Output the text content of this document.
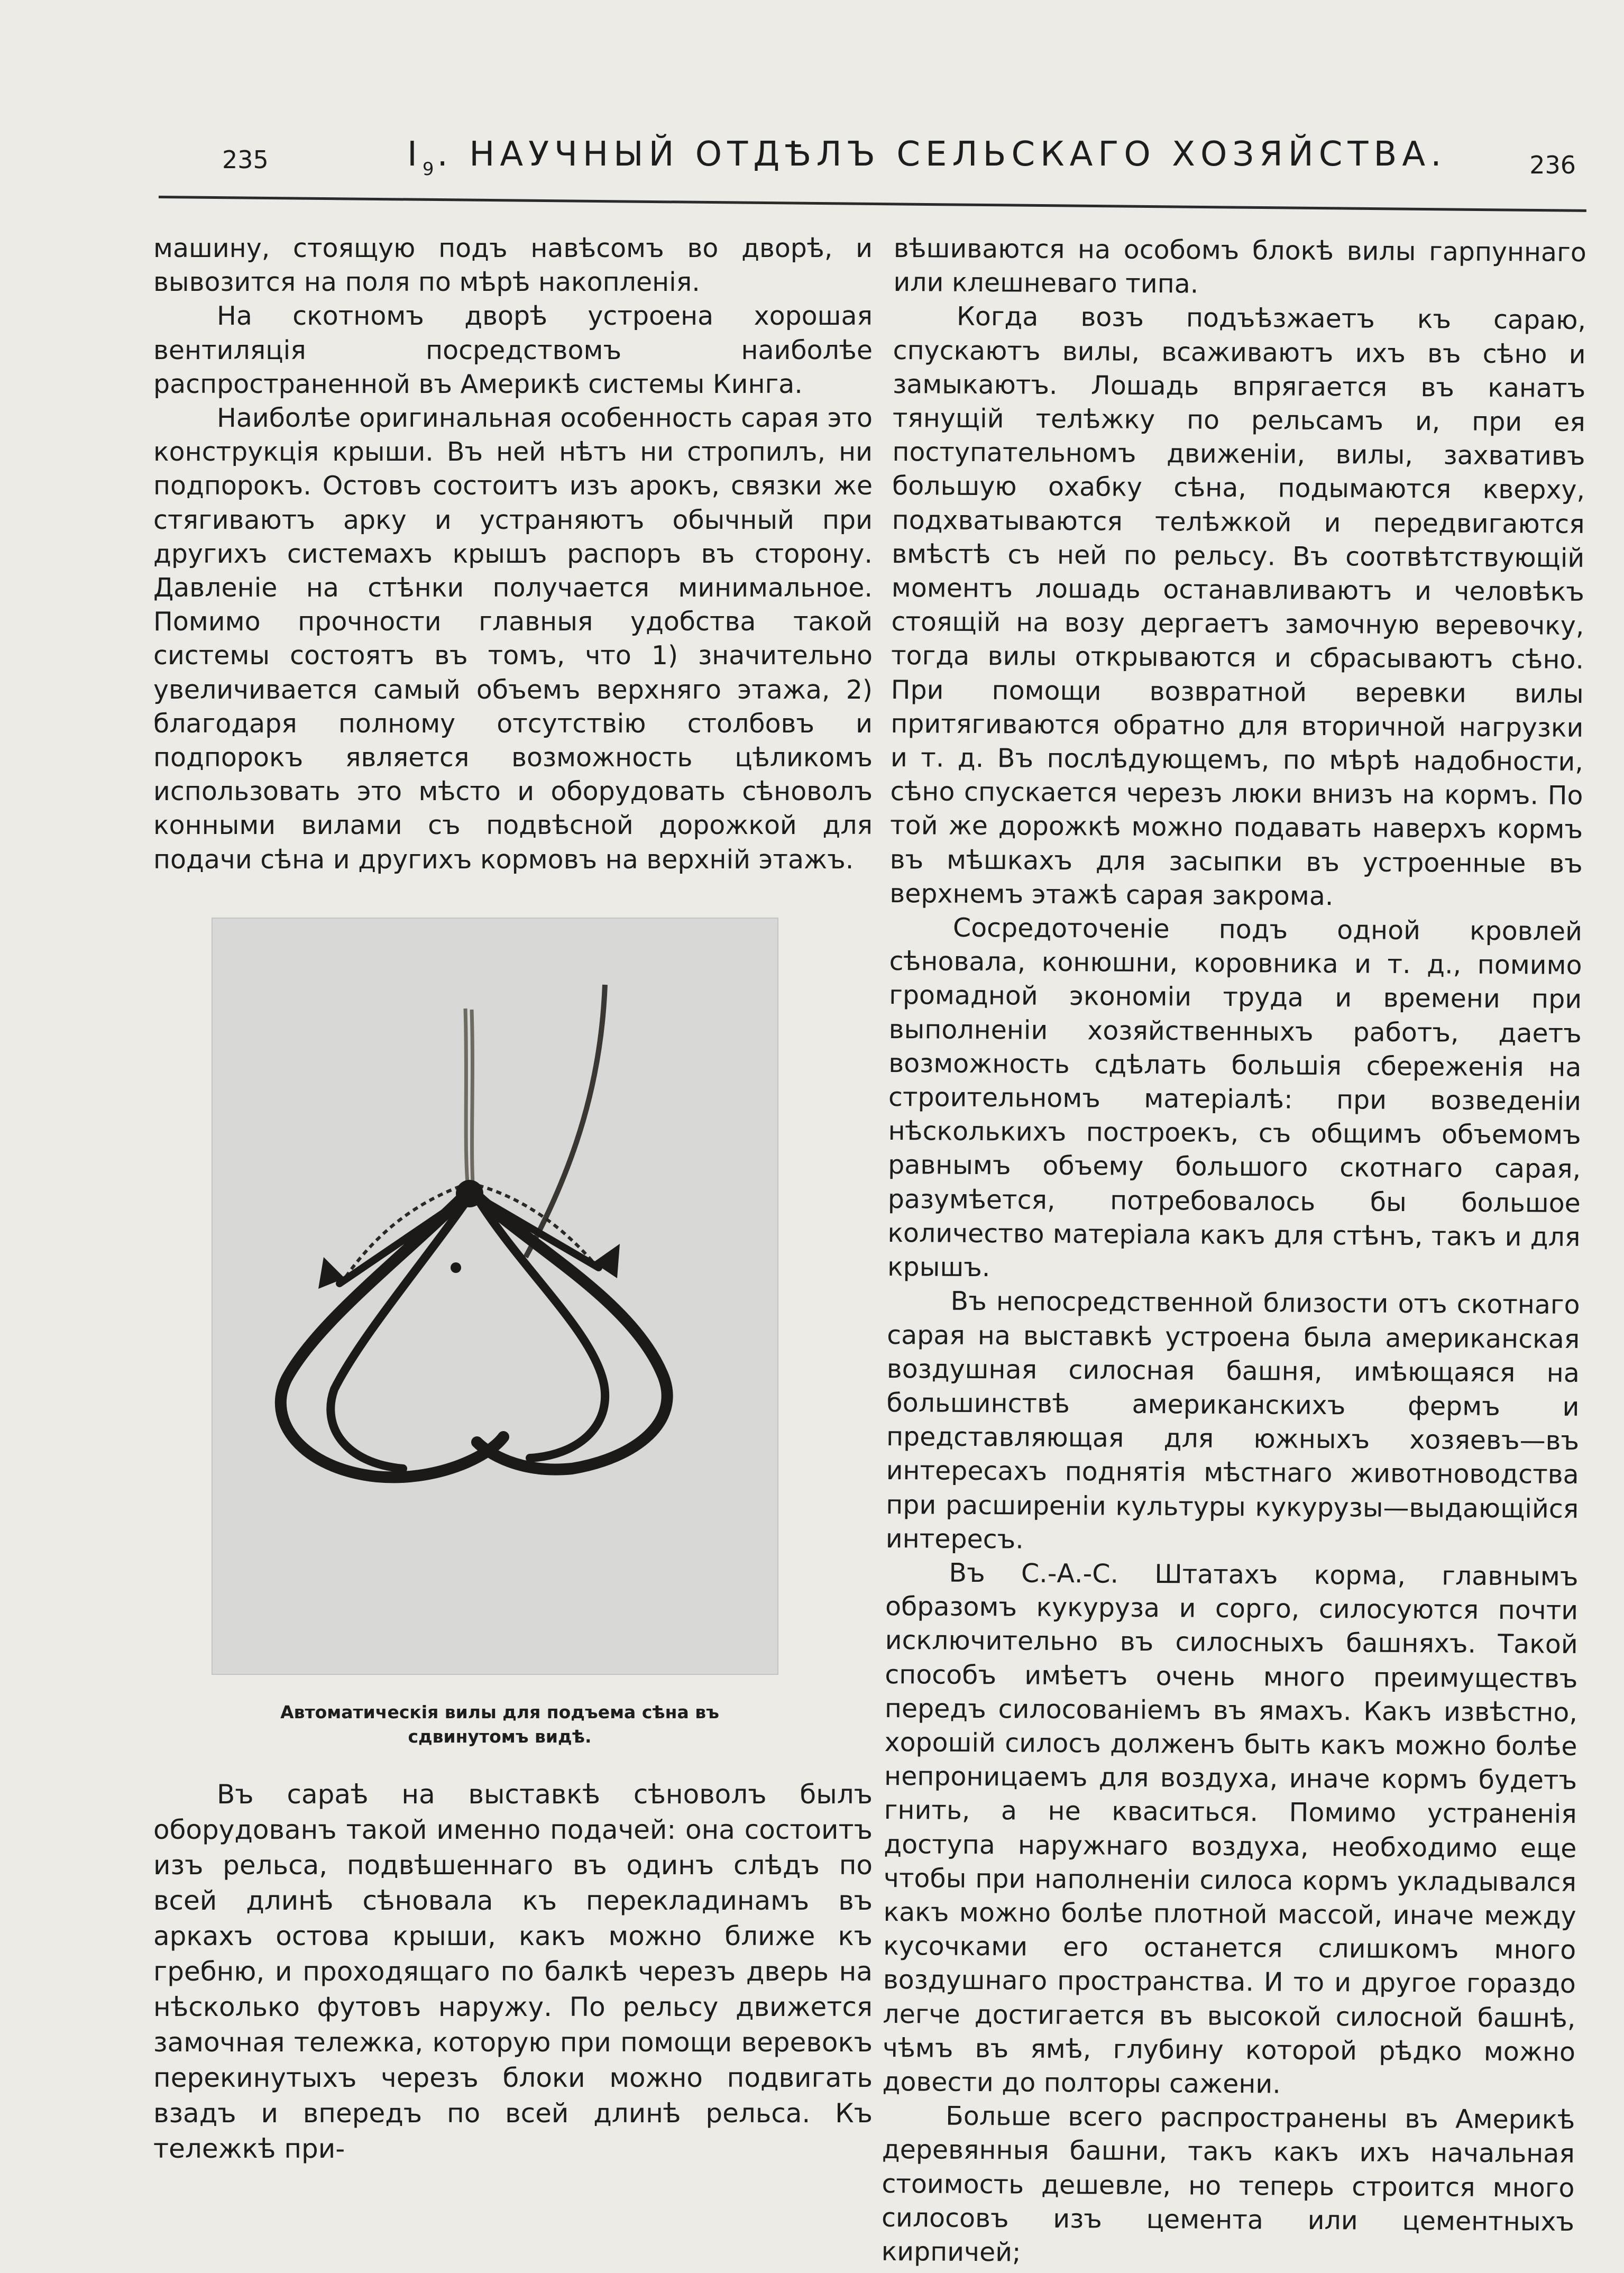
235	$I_9$. НАУЧНЫЙ ОТДѢЛЪ СЕЛЬСКАГО ХОЗЯЙСТВА.	236

машину, стоящую подъ навѣсомъ во дворѣ, и вывозится на поля по мѣрѣ накопленія.

На скотномъ дворѣ устроена хорошая вентиляція посредствомъ наиболѣе распространенной въ Америкѣ системы Кинга.

Наиболѣе оригинальная особенность сарая это конструкція крыши. Въ ней нѣтъ ни стропилъ, ни подпорокъ. Остовъ состоитъ изъ арокъ, связки же стягиваютъ арку и устраняютъ обычный при другихъ системахъ крышъ распоръ въ сторону. Давленіе на стѣнки получается минимальное. Помимо прочности главныя удобства такой системы состоятъ въ томъ, что 1) значительно увеличивается самый объемъ верхняго этажа, 2) благодаря полному отсутствію столбовъ и подпорокъ является возможность цѣликомъ использовать это мѣсто и оборудовать сѣноволъ конными вилами съ подвѣсной дорожкой для подачи сѣна и другихъ кормовъ на верхній этажъ.

Автоматическія вилы для подъема сѣна въ
сдвинутомъ видѣ.

Въ сараѣ на выставкѣ сѣноволъ былъ оборудованъ такой именно подачей: она состоитъ изъ рельса, подвѣшеннаго въ одинъ слѣдъ по всей длинѣ сѣновала къ перекладинамъ въ аркахъ остова крыши, какъ можно ближе къ гребню, и проходящаго по балкѣ черезъ дверь на нѣсколько футовъ наружу. По рельсу движется замочная тележка, которую при помощи веревокъ перекинутыхъ черезъ блоки можно подвигать взадъ и впередъ по всей длинѣ рельса. Къ тележкѣ при-

вѣшиваются на особомъ блокѣ вилы гарпуннаго или клешневаго типа.

Когда возъ подъѣзжаетъ къ сараю, спускаютъ вилы, всаживаютъ ихъ въ сѣно и замыкаютъ. Лошадь впрягается въ канатъ тянущій телѣжку по рельсамъ и, при ея поступательномъ движеніи, вилы, захвативъ большую охабку сѣна, подымаются кверху, подхватываются телѣжкой и передвигаются вмѣстѣ съ ней по рельсу. Въ соотвѣтствующій моментъ лошадь останавливаютъ и человѣкъ стоящій на возу дергаетъ замочную веревочку, тогда вилы открываются и сбрасываютъ сѣно. При помощи возвратной веревки вилы притягиваются обратно для вторичной нагрузки и т. д. Въ послѣдующемъ, по мѣрѣ надобности, сѣно спускается черезъ люки внизъ на кормъ. По той же дорожкѣ можно подавать наверхъ кормъ въ мѣшкахъ для засыпки въ устроенные въ верхнемъ этажѣ сарая закрома.

Сосредоточеніе подъ одной кровлей сѣновала, конюшни, коровника и т. д., помимо громадной экономіи труда и времени при выполненіи хозяйственныхъ работъ, даетъ возможность сдѣлать большія сбереженія на строительномъ матеріалѣ: при возведеніи нѣсколькихъ построекъ, съ общимъ объемомъ равнымъ объему большого скотнаго сарая, разумѣется, потребовалось бы большое количество матеріала какъ для стѣнъ, такъ и для крышъ.

Въ непосредственной близости отъ скотнаго сарая на выставкѣ устроена была американская воздушная силосная башня, имѣющаяся на большинствѣ американскихъ фермъ и представляющая для южныхъ хозяевъ—въ интересахъ поднятія мѣстнаго животноводства при расширеніи культуры кукурузы—выдающійся интересъ.

Въ С.-А.-С. Штатахъ корма, главнымъ образомъ кукуруза и сорго, силосуются почти исключительно въ силосныхъ башняхъ. Такой способъ имѣетъ очень много преимуществъ передъ силосованіемъ въ ямахъ. Какъ извѣстно, хорошій силосъ долженъ быть какъ можно болѣе непроницаемъ для воздуха, иначе кормъ будетъ гнить, а не кваситься. Помимо устраненія доступа наружнаго воздуха, необходимо еще чтобы при наполненіи силоса кормъ укладывался какъ можно болѣе плотной массой, иначе между кусочками его останется слишкомъ много воздушнаго пространства. И то и другое гораздо легче достигается въ высокой силосной башнѣ, чѣмъ въ ямѣ, глубину которой рѣдко можно довести до полторы сажени.

Больше всего распространены въ Америкѣ деревянныя башни, такъ какъ ихъ начальная стоимость дешевле, но теперь строится много силосовъ изъ цемента или цементныхъ кирпичей;
